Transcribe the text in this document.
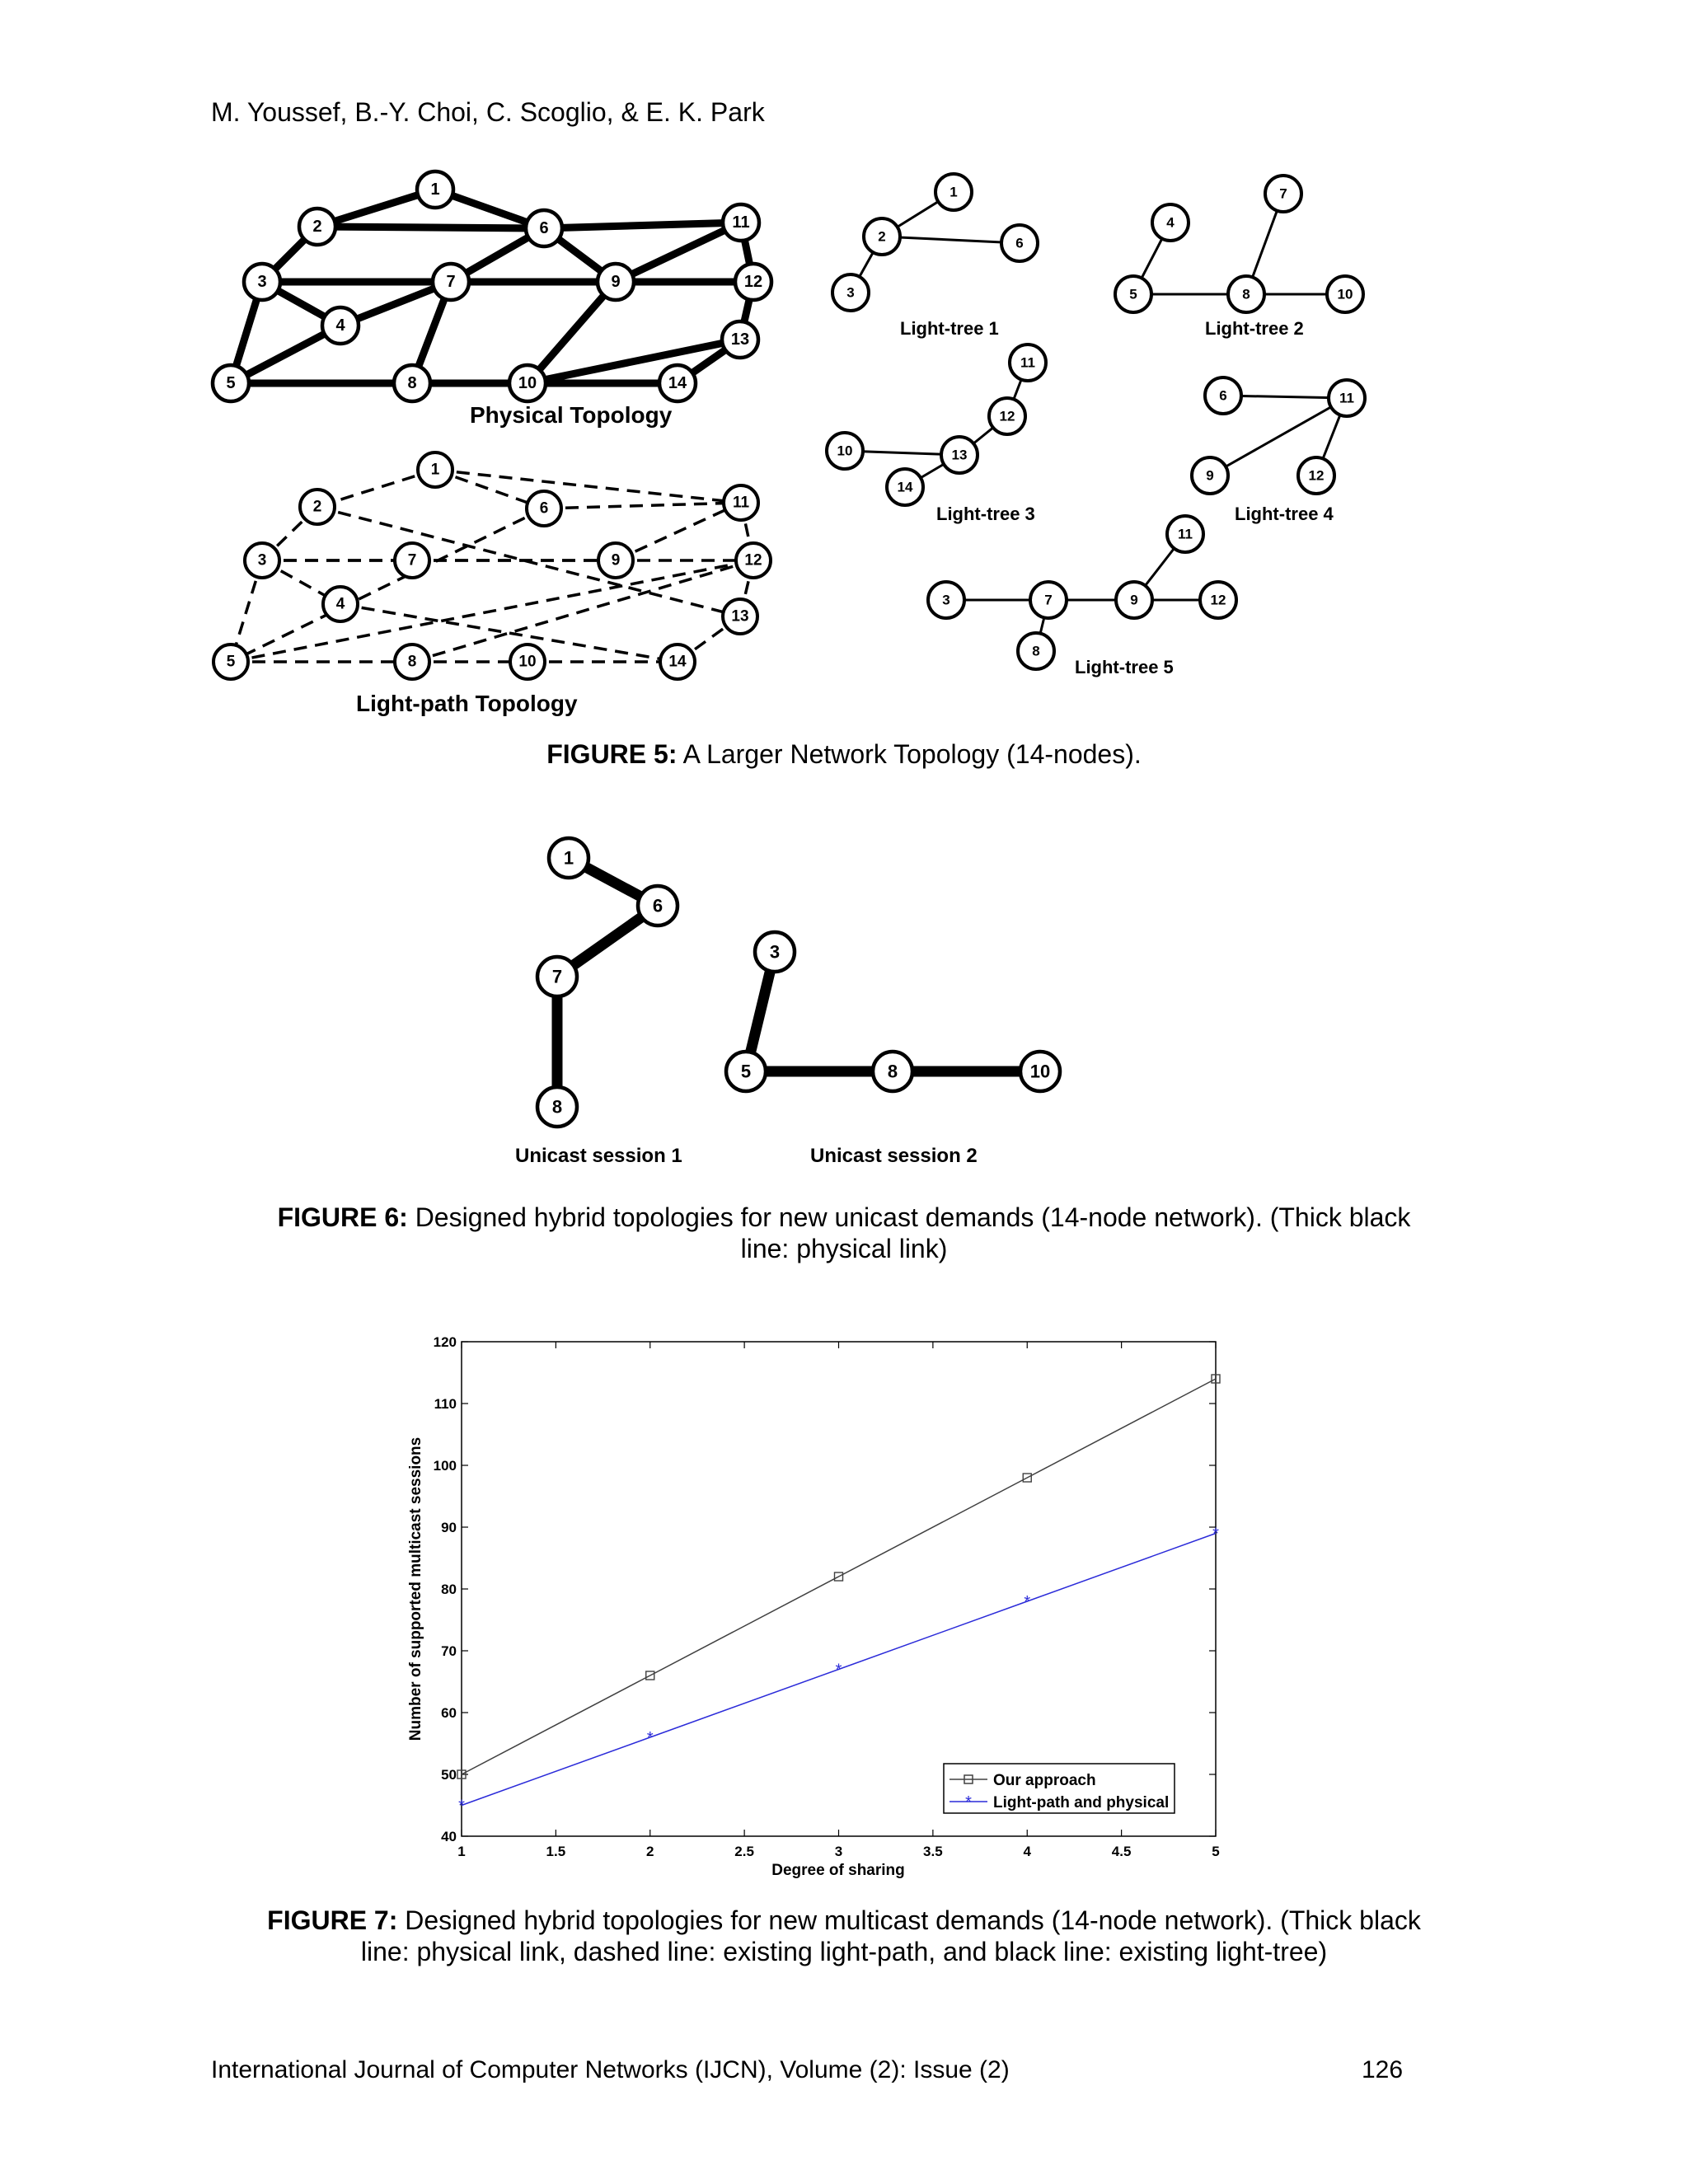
M. Youssef, B.-Y. Choi, C. Scoglio, & E. K. Park
1
2
3
4
5
6
7
8
9
10
11
12
13
14
Physical Topology
1
2
3
4
5
6
7
8
9
10
11
12
13
14
Light-path Topology
1
2
3
6
4
7
5	8	10
11
12
13
10
14
6	11
9	12
11
3	7	9	12
8
Light-tree 1	Light-tree 2
Light-tree 3	Light-tree 4
Light-tree 5
FIGURE 5: A Larger Network Topology (14-nodes).
1
6
7
8
3
5	8	10
Unicast session 1	Unicast session 2
FIGURE 6: Designed hybrid topologies for new unicast demands (14-node network). (Thick black
line: physical link)
1	1.5	2	2.5	3	3.5	4	4.5	5
40
50
60
70
80
90
100
110
120
*
*
*
*
*
Degree of sharing
Number of supported multicast sessions
Our approach
* Light-path and physical
FIGURE 7: Designed hybrid topologies for new multicast demands (14-node network). (Thick black
line: physical link, dashed line: existing light-path, and black line: existing light-tree)
International Journal of Computer Networks (IJCN), Volume (2): Issue (2)	126
